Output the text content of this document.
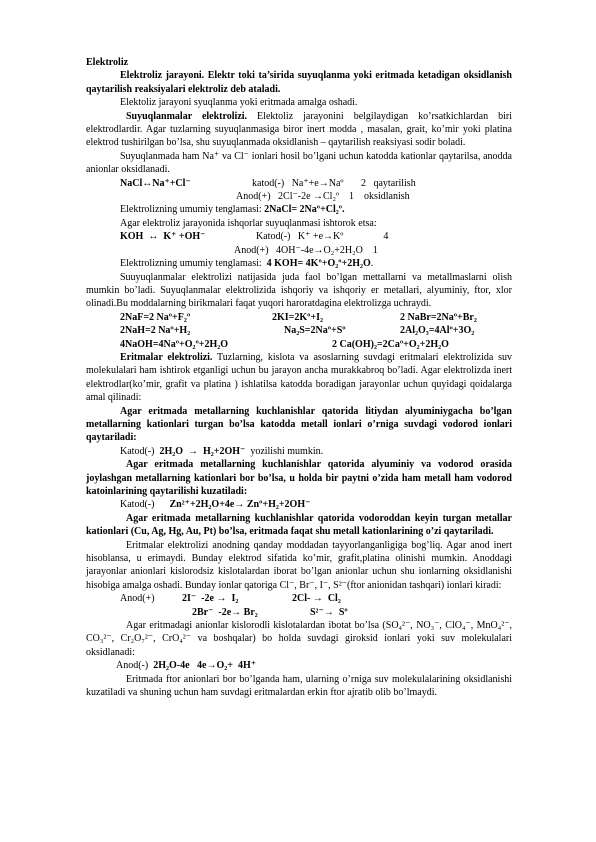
Elektroliz

Elektroliz jarayoni. Elektr toki ta’sirida suyuqlanma yoki eritmada ketadigan oksidlanish qaytarilish reaksiyalari elektroliz deb ataladi.

Elektoliz jarayoni syuqlanma yoki eritmada amalga oshadi.

Suyuqlanmalar elektrolizi. Elektoliz jarayonini belgilaydigan ko’rsatkichlardan biri elektrodlardir. Agar tuzlarning suyuqlanmasiga biror inert modda , masalan, grait, ko’mir yoki platina elektrod tushirilgan bo’lsa, shu suyuqlanmada oksidlanish – qaytarilish reaksiyasi sodir boladi.

Suyuqlanmada ham Na⁺ va Cl⁻ ionlari hosil bo’lgani uchun katodda kationlar qaytarilsa, anodda anionlar oksidlanadi.

NaCl↔Na⁺+Cl⁻	katod(-)   Na⁺+e→Naº       2   qaytarilish
Anod(+)   2Cl⁻-2e →Cl₂º    1    oksidlanish
Elektrolizning umumiy tenglamasi: 2NaCl= 2Naº+Cl₂º.
Agar elektroliz jarayonida ishqorlar suyuqlanmasi ishtorok etsa:
KOH  ↔  K⁺ +OH⁻	Katod(-)   K⁺ +e→Kº                4
Anod(+)   4OH⁻-4e→O₂+2H₂O    1
Elektrolizning umumiy tenglamasi: 4 KOH= 4Kº+O₂º+2H₂O .

Suuyuqlanmalar elektrolizi natijasida juda faol bo’lgan mettallarni va metallmaslarni olish mumkin bo’ladi. Suyuqlanmalar elektrolizida ishqoriy va ishqoriy er metallari, alyuminiy, ftor, xlor olinadi.Bu moddalarning birikmalari faqat yuqori haroratdagina elektrolizga uchraydi.

2NaF=2 Naº+F₂º	2KI=2Kº+I₂	2 NaBr=2Naº+Br₂
2NaH=2 Naº+H₂	Na₂S=2Naº+Sº	2Al₂O₃=4Alº+3O₂
4NaOH=4Naº+O₂º+2H₂O	2 Ca(OH)₂=2Caº+O₂+2H₂O

Eritmalar elektrolizi. Tuzlarning, kislota va asoslarning suvdagi eritmalari elektrolizida suv molekulalari ham ishtirok etganligi uchun bu jarayon ancha murakkabroq bo’ladi. Agar elektrolizda inert elektrodlar(ko’mir, grafit va platina ) ishlatilsa katodda boradigan jarayonlar uchun quyidagi qoidalarga amal qilinadi:

Agar eritmada metallarning kuchlanishlar qatorida litiydan alyuminiygacha bo’lgan metallarning kationlari turgan bo’lsa katodda metall ionlari o’rniga suvdagi vodorod ionlari qaytariladi:

Katod(-) 2H₂O  →  H₂+2OH⁻ yozilishi mumkin.

Agar eritmada metallarning kuchlanishlar qatorida alyuminiy va vodorod orasida joylashgan metallarning kationlari bor bo’lsa, u holda bir paytni o’zida ham metall ham vodorod katoinlarining qaytarilishi kuzatiladi:

Katod(-) Zn²⁺+2H₂O+4e→ Znº+H₂+2OH⁻

Agar eritmada metallarning kuchlanishlar qatorida vodoroddan keyin turgan metallar kationlari (Cu, Ag, Hg, Au, Pt) bo’lsa, eritmada faqat shu metall kationlarining o’zi qaytariladi.

Eritmalar elektrolizi anodning qanday moddadan tayyorlanganligiga bog’liq. Agar anod inert hisoblansa, u erimaydi. Bunday elektrod sifatida ko’mir, grafit,platina olinishi mumkin. Anoddagi jarayonlar anionlari kislorodsiz kislotalardan iborat bo’lgan anionlar uchun shu ionlarning oksidlanishi hisobiga amalga oshadi. Bunday ionlar qatoriga Cl⁻, Br⁻, I⁻, S²⁻(ftor anionidan tashqari) ionlari kiradi:

Anod(+)	2I⁻  -2e →  I₂	2Cl- →  Cl₂
2Br⁻  -2e→ Br₂	S²⁻→  Sº

Agar eritmadagi anionlar kislorodli kislotalardan ibotat bo’lsa (SO₄²⁻, NO₃⁻, ClO₄⁻, MnO₄²⁻, CO₃²⁻, Cr₂O₇²⁻, CrO₄²⁻ va boshqalar) bo holda suvdagi giroksid ionlari yoki suv molekulalari oksidlanadi:

Anod(-) 2H₂O-4e   4e→O₂+  4H⁺

Eritmada ftor anionlari bor bo’lganda ham, ularning o’rniga suv molekulalarining oksidlanishi kuzatiladi va shuning uchun ham suvdagi eritmalardan erkin ftor ajratib olib bo’lmaydi.
